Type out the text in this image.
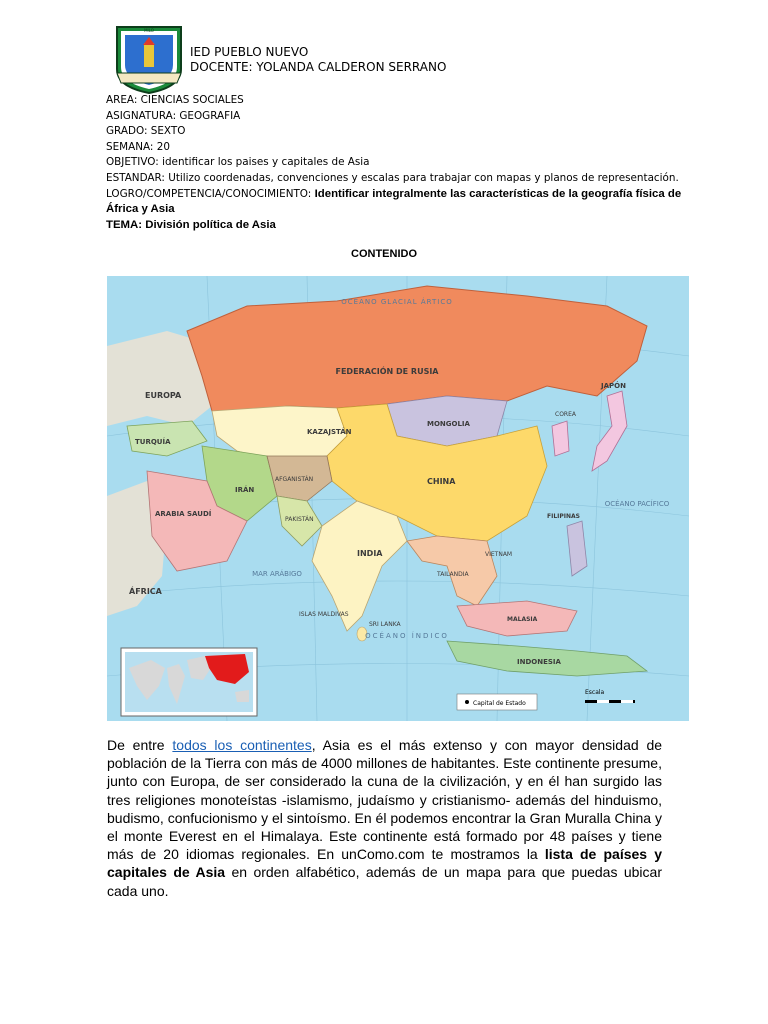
MILO
IED PUEBLO NUEVO
DOCENTE: YOLANDA CALDERON SERRANO
AREA: CIENCIAS SOCIALES
ASIGNATURA: GEOGRAFIA
GRADO: SEXTO
SEMANA: 20
OBJETIVO: identificar los paises y capitales de Asia
ESTANDAR: Utilizo coordenadas, convenciones y escalas para trabajar con mapas y planos de representación.
LOGRO/COMPETENCIA/CONOCIMIENTO: Identificar integralmente las características de la geografía física de África y Asia
TEMA: División política de Asia
CONTENIDO
OCÉANO GLACIAL ÁRTICO
OCÉANO PACÍFICO
OCÉANO ÍNDICO
MAR ARÁBIGO
EUROPA
ÁFRICA
FEDERACIÓN DE RUSIA
KAZAJSTÁN
MONGOLIA
CHINA
INDIA
IRÁN
ARABIA SAUDÍ
TURQUÍA
AFGANISTÁN
PAKISTÁN
JAPÓN
COREA
FILIPINAS
VIETNAM
TAILANDIA
MALASIA
INDONESIA
ISLAS MALDIVAS
SRI LANKA
Capital de Estado
Escala
De entre todos los continentes, Asia es el más extenso y con mayor densidad de población de la Tierra con más de 4000 millones de habitantes. Este continente presume, junto con Europa, de ser considerado la cuna de la civilización, y en él han surgido las tres religiones monoteístas -islamismo, judaísmo y cristianismo- además del hinduismo, budismo, confucionismo y el sintoísmo. En él podemos encontrar la Gran Muralla China y el monte Everest en el Himalaya. Este continente está formado por 48 países y tiene más de 20 idiomas regionales. En unComo.com te mostramos la lista de países y capitales de Asia en orden alfabético, además de un mapa para que puedas ubicar cada uno.
